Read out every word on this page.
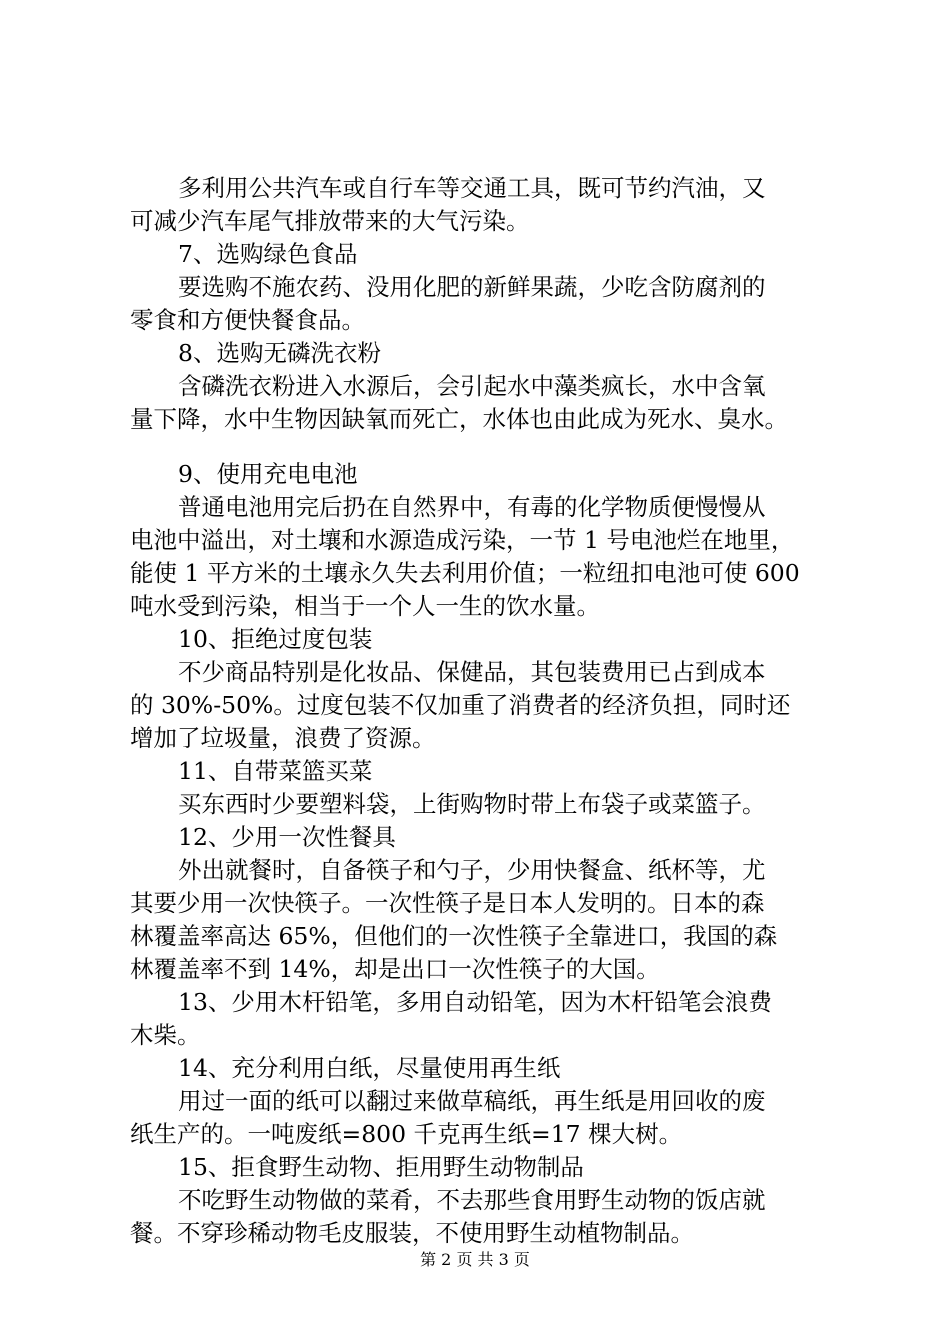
多利用公共汽车或自行车等交通工具，既可节约汽油，又
可减少汽车尾气排放带来的大气污染。
7、选购绿色食品
要选购不施农药、没用化肥的新鲜果蔬，少吃含防腐剂的
零食和方便快餐食品。
8、选购无磷洗衣粉
含磷洗衣粉进入水源后，会引起水中藻类疯长，水中含氧
量下降，水中生物因缺氧而死亡，水体也由此成为死水、臭水。
9、使用充电电池
普通电池用完后扔在自然界中，有毒的化学物质便慢慢从
电池中溢出，对土壤和水源造成污染，一节 1 号电池烂在地里，
能使 1 平方米的土壤永久失去利用价值；一粒纽扣电池可使 600
吨水受到污染，相当于一个人一生的饮水量。
10、拒绝过度包装
不少商品特别是化妆品、保健品，其包装费用已占到成本
的 30%-50%。过度包装不仅加重了消费者的经济负担，同时还
增加了垃圾量，浪费了资源。
11、自带菜篮买菜
买东西时少要塑料袋，上街购物时带上布袋子或菜篮子。
12、少用一次性餐具
外出就餐时，自备筷子和勺子，少用快餐盒、纸杯等，尤
其要少用一次快筷子。一次性筷子是日本人发明的。日本的森
林覆盖率高达 65%，但他们的一次性筷子全靠进口，我国的森
林覆盖率不到 14%，却是出口一次性筷子的大国。
13、少用木杆铅笔，多用自动铅笔，因为木杆铅笔会浪费
木柴。
14、充分利用白纸，尽量使用再生纸
用过一面的纸可以翻过来做草稿纸，再生纸是用回收的废
纸生产的。一吨废纸=800 千克再生纸=17 棵大树。
15、拒食野生动物、拒用野生动物制品
不吃野生动物做的菜肴，不去那些食用野生动物的饭店就
餐。不穿珍稀动物毛皮服装，不使用野生动植物制品。
第 2 页 共 3 页
